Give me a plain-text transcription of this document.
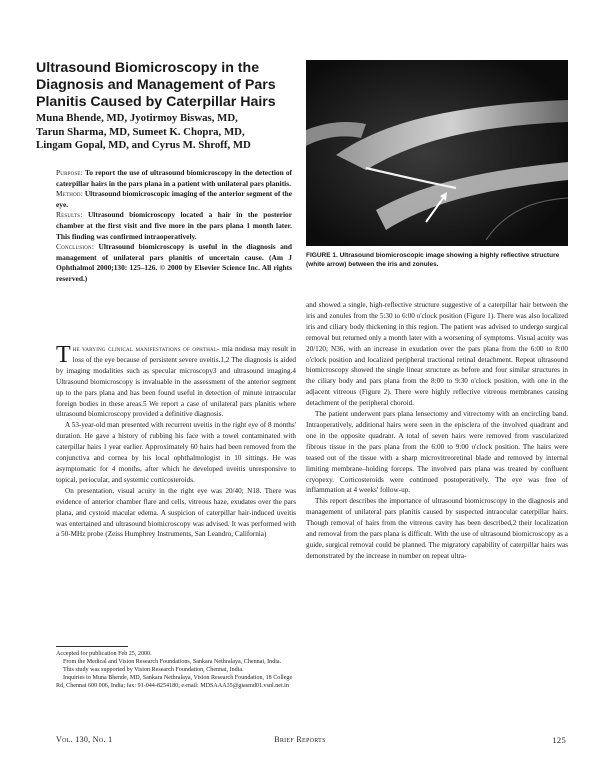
Ultrasound Biomicroscopy in the Diagnosis and Management of Pars Planitis Caused by Caterpillar Hairs
Muna Bhende, MD, Jyotirmoy Biswas, MD,
Tarun Sharma, MD, Sumeet K. Chopra, MD,
Lingam Gopal, MD, and Cyrus M. Shroff, MD

Purpose: To report the use of ultrasound biomicroscopy in the detection of caterpillar hairs in the pars plana in a patient with unilateral pars planitis.

Method: Ultrasound biomicroscopic imaging of the anterior segment of the eye.

Results: Ultrasound biomicroscopy located a hair in the posterior chamber at the first visit and five more in the pars plana 1 month later. This finding was confirmed intraoperatively.

Conclusion: Ultrasound biomicroscopy is useful in the diagnosis and management of unilateral pars planitis of uncertain cause. (Am J Ophthalmol 2000;130: 125–126. © 2000 by Elsevier Science Inc. All rights reserved.)

FIGURE 1. Ultrasound biomicroscopic image showing a highly reflective structure (white arrow) between the iris and zonules.

The varying clinical manifestations of ophthal- mia nodosa may result in loss of the eye because of persistent severe uveitis.1,2 The diagnosis is aided by imaging modalities such as specular microscopy3 and ultrasound imaging.4 Ultrasound biomicroscopy is invaluable in the assessment of the anterior segment up to the pars plana and has been found useful in detection of minute intraocular foreign bodies in these areas.5 We report a case of unilateral pars planitis where ultrasound biomicroscopy provided a definitive diagnosis.

A 53-year-old man presented with recurrent uveitis in the right eye of 8 months' duration. He gave a history of rubbing his face with a towel contaminated with caterpillar hairs 1 year earlier. Approximately 60 hairs had been removed from the conjunctiva and cornea by his local ophthalmologist in 10 sittings. He was asymptomatic for 4 months, after which he developed uveitis unresponsive to topical, periocular, and systemic corticosteroids.

On presentation, visual acuity in the right eye was 20/40; N18. There was evidence of anterior chamber flare and cells, vitreous haze, exudates over the pars plana, and cystoid macular edema. A suspicion of caterpillar hair-induced uveitis was entertained and ultrasound biomicroscopy was advised. It was performed with a 50-MHz probe (Zeiss Humphrey Instruments, San Leandro, California)

and showed a single, high-reflective structure suggestive of a caterpillar hair between the iris and zonules from the 5:30 to 6:00 o'clock position (Figure 1). There was also localized iris and ciliary body thickening in this region. The patient was advised to undergo surgical removal but returned only a month later with a worsening of symptoms. Visual acuity was 20/120; N36, with an increase in exudation over the pars plana from the 6:00 to 8:00 o'clock position and localized peripheral tractional retinal detachment. Repeat ultrasound biomicroscopy showed the single linear structure as before and four similar structures in the ciliary body and pars plana from the 8:00 to 9:30 o'clock position, with one in the adjacent vitreous (Figure 2). There were highly reflective vitreous membranes causing detachment of the peripheral choroid.

The patient underwent pars plana lensectomy and vitrectomy with an encircling band. Intraoperatively, additional hairs were seen in the episclera of the involved quadrant and one in the opposite quadrant. A total of seven hairs were removed from vascularized fibrous tissue in the pars plana from the 6:00 to 9:00 o'clock position. The hairs were teased out of the tissue with a sharp microvitreoretinal blade and removed by internal limiting membrane–holding forceps. The involved pars plana was treated by confluent cryopexy. Corticosteroids were continued postoperatively. The eye was free of inflammation at 4 weeks' follow-up.

This report describes the importance of ultrasound biomicroscopy in the diagnosis and management of unilateral pars planitis caused by suspected intraocular caterpillar hairs. Though removal of hairs from the vitreous cavity has been described,2 their localization and removal from the pars plana is difficult. With the use of ultrasound biomicroscopy as a guide, surgical removal could be planned. The migratory capability of caterpillar hairs was demonstrated by the increase in number on repeat ultra-

Accepted for publication Feb 25, 2000.

From the Medical and Vision Research Foundations, Sankara Nethralaya, Chennai, India.

This study was supported by Vision Research Foundation, Chennai, India.

Inquiries to Muna Bhende, MD, Sankara Nethralaya, Vision Research Foundation, 18 College Rd, Chennai 600 006, India; fax: 91-044-8254180; e-mail: MDSAAA35@giasmd01.vsnl.net.in

Vol. 130, No. 1	Brief Reports	125
